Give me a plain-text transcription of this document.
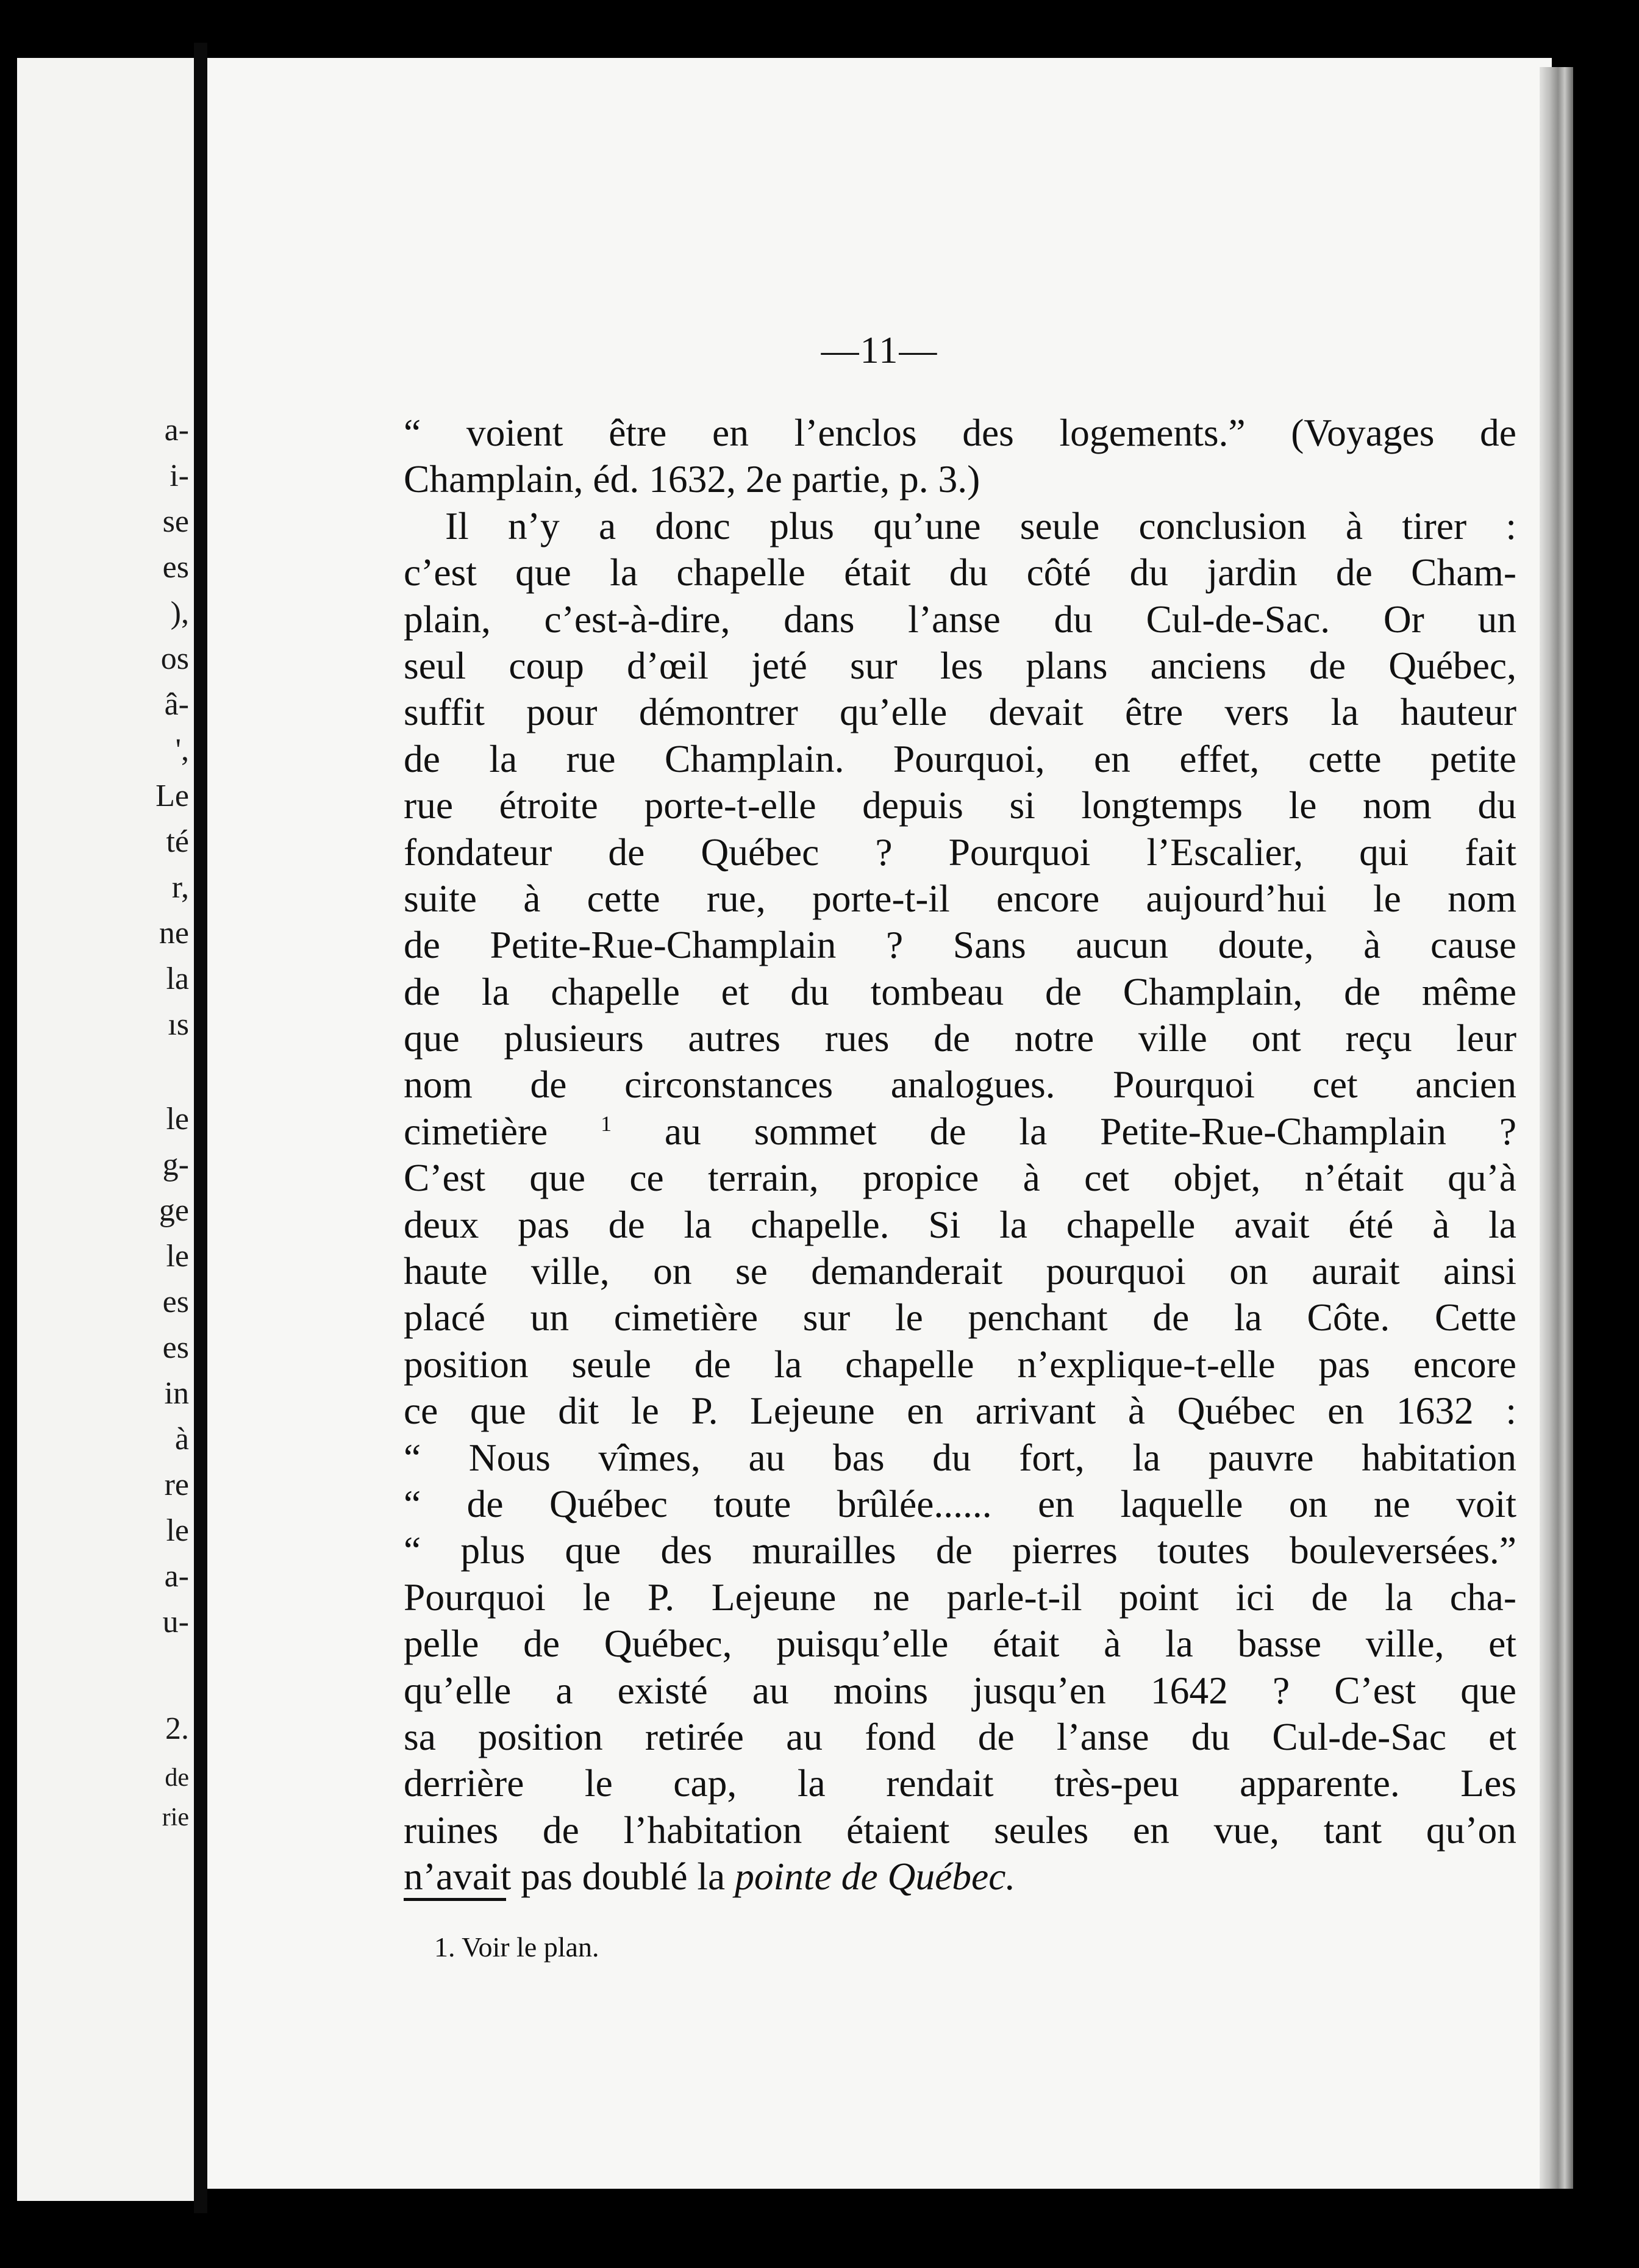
a-
i-
se
es
),
os
â-
',
Le
té
r,
ne
la
ıs
le
g-
ge
le
es
es
in
à
re
le
a-
u-
2.
de
rie
—11—
“ voient être en l’enclos des logements.” (Voyages de
Champlain, éd. 1632, 2e partie, p. 3.)
Il n’y a donc plus qu’une seule conclusion à tirer :
c’est que la chapelle était du côté du jardin de Cham-
plain, c’est-à-dire, dans l’anse du Cul-de-Sac. Or un
seul coup d’œil jeté sur les plans anciens de Québec,
suffit pour démontrer qu’elle devait être vers la hauteur
de la rue Champlain. Pourquoi, en effet, cette petite
rue étroite porte-t-elle depuis si longtemps le nom du
fondateur de Québec ? Pourquoi l’Escalier, qui fait
suite à cette rue, porte-t-il encore aujourd’hui le nom
de Petite-Rue-Champlain ? Sans aucun doute, à cause
de la chapelle et du tombeau de Champlain, de même
que plusieurs autres rues de notre ville ont reçu leur
nom de circonstances analogues. Pourquoi cet ancien
cimetière $^1$ au sommet de la Petite-Rue-Champlain ?
C’est que ce terrain, propice à cet objet, n’était qu’à
deux pas de la chapelle. Si la chapelle avait été à la
haute ville, on se demanderait pourquoi on aurait ainsi
placé un cimetière sur le penchant de la Côte. Cette
position seule de la chapelle n’explique-t-elle pas encore
ce que dit le P. Lejeune en arrivant à Québec en 1632 :
“ Nous vîmes, au bas du fort, la pauvre habitation
“ de Québec toute brûlée...... en laquelle on ne voit
“ plus que des murailles de pierres toutes bouleversées.”
Pourquoi le P. Lejeune ne parle-t-il point ici de la cha-
pelle de Québec, puisqu’elle était à la basse ville, et
qu’elle a existé au moins jusqu’en 1642 ? C’est que
sa position retirée au fond de l’anse du Cul-de-Sac et
derrière le cap, la rendait très-peu apparente. Les
ruines de l’habitation étaient seules en vue, tant qu’on
n’avait pas doublé la pointe de Québec.
1. Voir le plan.
